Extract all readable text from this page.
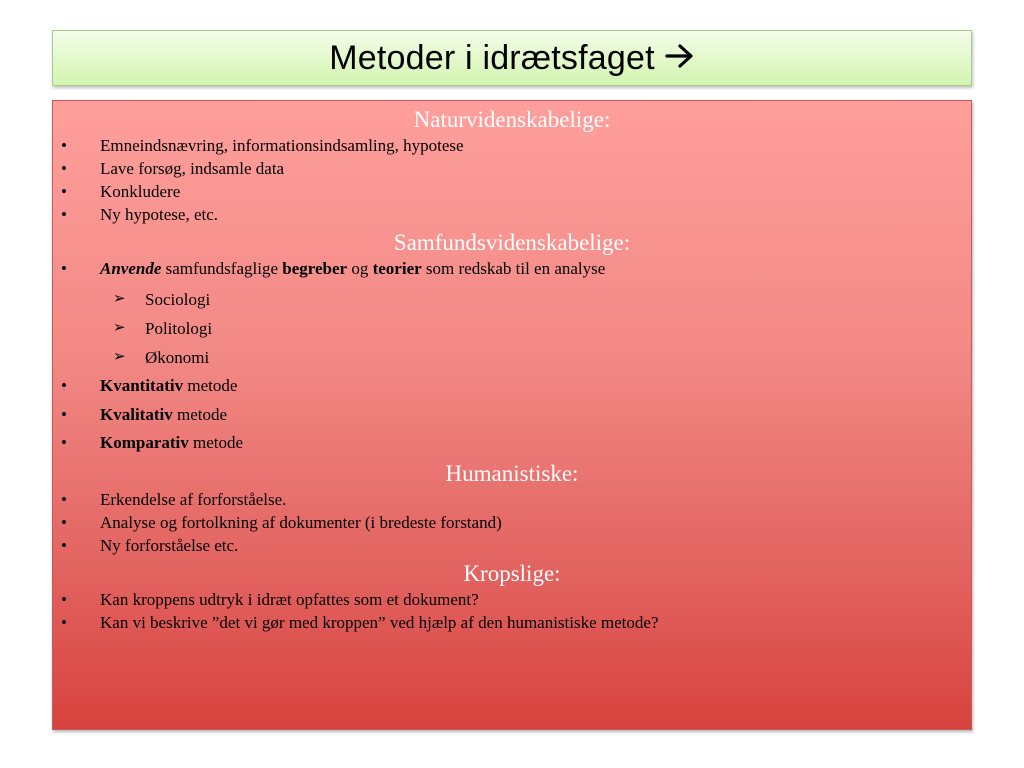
Metoder i idrætsfaget
Naturvidenskabelige:
• Emneindsnævring, informationsindsamling, hypotese
• Lave forsøg, indsamle data
• Konkludere
• Ny hypotese, etc.
Samfundsvidenskabelige:
• Anvende samfundsfaglige begreber og teorier som redskab til en analyse
➢ Sociologi
➢ Politologi
➢ Økonomi
• Kvantitativ metode
• Kvalitativ metode
• Komparativ metode
Humanistiske:
• Erkendelse af forforståelse.
• Analyse og fortolkning af dokumenter (i bredeste forstand)
• Ny forforståelse etc.
Kropslige:
• Kan kroppens udtryk i idræt opfattes som et dokument?
• Kan vi beskrive ”det vi gør med kroppen” ved hjælp af den humanistiske metode?
